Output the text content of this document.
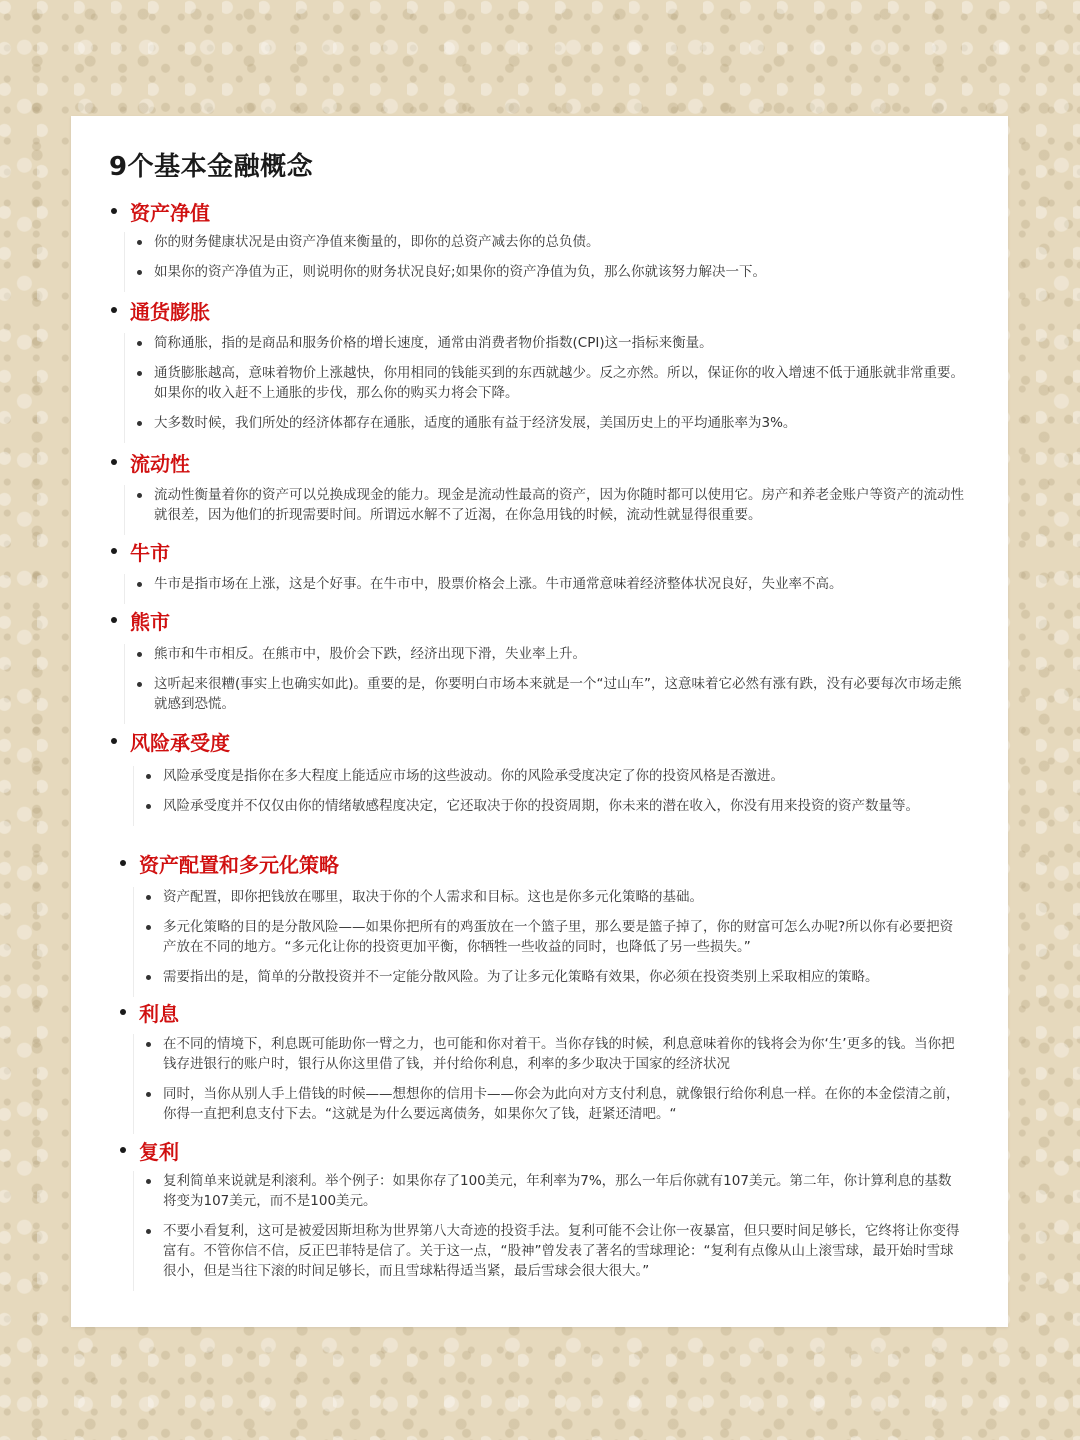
9个基本金融概念
资产净值
你的财务健康状况是由资产净值来衡量的，即你的总资产减去你的总负债。
如果你的资产净值为正，则说明你的财务状况良好;如果你的资产净值为负，那么你就该努力解决一下。
通货膨胀
简称通胀，指的是商品和服务价格的增长速度，通常由消费者物价指数(CPI)这一指标来衡量。
通货膨胀越高，意味着物价上涨越快，你用相同的钱能买到的东西就越少。反之亦然。所以，保证你的收入增速不低于通胀就非常重要。如果你的收入赶不上通胀的步伐，那么你的购买力将会下降。
大多数时候，我们所处的经济体都存在通胀，适度的通胀有益于经济发展，美国历史上的平均通胀率为3%。
流动性
流动性衡量着你的资产可以兑换成现金的能力。现金是流动性最高的资产，因为你随时都可以使用它。房产和养老金账户等资产的流动性就很差，因为他们的折现需要时间。所谓远水解不了近渴，在你急用钱的时候，流动性就显得很重要。
牛市
牛市是指市场在上涨，这是个好事。在牛市中，股票价格会上涨。牛市通常意味着经济整体状况良好，失业率不高。
熊市
熊市和牛市相反。在熊市中，股价会下跌，经济出现下滑，失业率上升。
这听起来很糟(事实上也确实如此)。重要的是，你要明白市场本来就是一个“过山车”，这意味着它必然有涨有跌，没有必要每次市场走熊就感到恐慌。
风险承受度
风险承受度是指你在多大程度上能适应市场的这些波动。你的风险承受度决定了你的投资风格是否激进。
风险承受度并不仅仅由你的情绪敏感程度决定，它还取决于你的投资周期，你未来的潜在收入，你没有用来投资的资产数量等。
资产配置和多元化策略
资产配置，即你把钱放在哪里，取决于你的个人需求和目标。这也是你多元化策略的基础。
多元化策略的目的是分散风险——如果你把所有的鸡蛋放在一个篮子里，那么要是篮子掉了，你的财富可怎么办呢?所以你有必要把资产放在不同的地方。“多元化让你的投资更加平衡，你牺牲一些收益的同时，也降低了另一些损失。”
需要指出的是，简单的分散投资并不一定能分散风险。为了让多元化策略有效果，你必须在投资类别上采取相应的策略。
利息
在不同的情境下，利息既可能助你一臂之力，也可能和你对着干。当你存钱的时候，利息意味着你的钱将会为你‘生’更多的钱。当你把钱存进银行的账户时，银行从你这里借了钱，并付给你利息，利率的多少取决于国家的经济状况
同时，当你从别人手上借钱的时候——想想你的信用卡——你会为此向对方支付利息，就像银行给你利息一样。在你的本金偿清之前，你得一直把利息支付下去。“这就是为什么要远离债务，如果你欠了钱，赶紧还清吧。“
复利
复利简单来说就是利滚利。举个例子：如果你存了100美元，年利率为7%，那么一年后你就有107美元。第二年，你计算利息的基数将变为107美元，而不是100美元。
不要小看复利，这可是被爱因斯坦称为世界第八大奇迹的投资手法。复利可能不会让你一夜暴富，但只要时间足够长，它终将让你变得富有。不管你信不信，反正巴菲特是信了。关于这一点，“股神”曾发表了著名的雪球理论：“复利有点像从山上滚雪球，最开始时雪球很小，但是当往下滚的时间足够长，而且雪球粘得适当紧，最后雪球会很大很大。”
